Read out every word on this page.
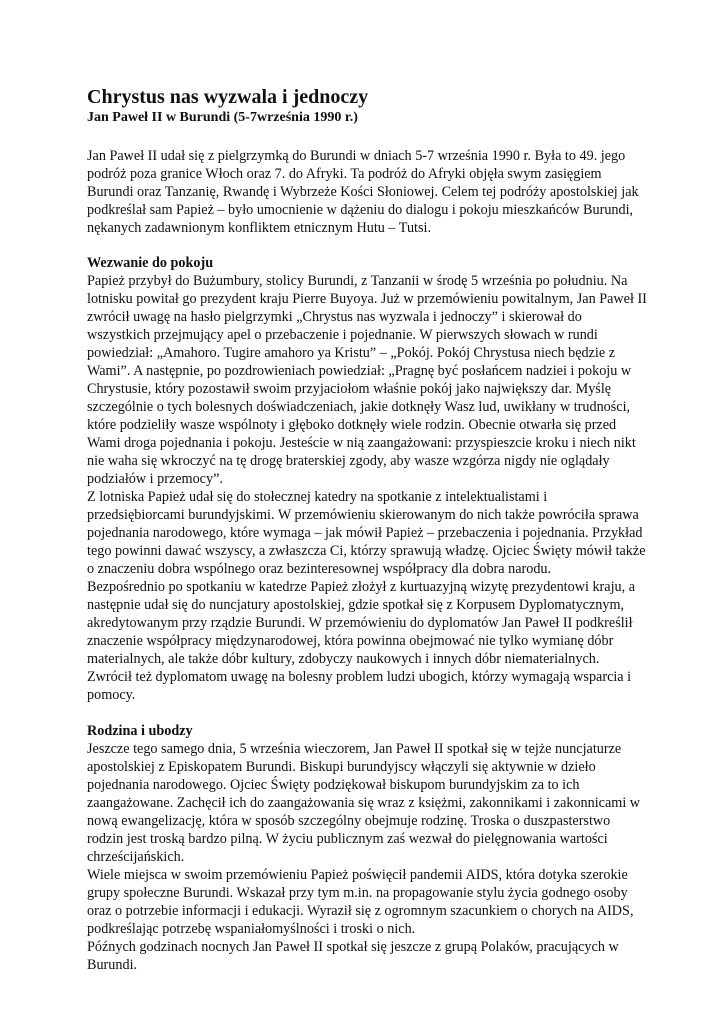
Chrystus nas wyzwala i jednoczy
Jan Paweł II w Burundi (5-7września 1990 r.)

Jan Paweł II udał się z pielgrzymką do Burundi w dniach 5-7 września 1990 r. Była to 49. jego podróż poza granice Włoch oraz 7. do Afryki. Ta podróż do Afryki objęła swym zasięgiem Burundi oraz Tanzanię, Rwandę i Wybrzeże Kości Słoniowej. Celem tej podróży apostolskiej jak podkreślał sam Papież – było umocnienie w dążeniu do dialogu i pokoju mieszkańców Burundi, nękanych zadawnionym konfliktem etnicznym Hutu – Tutsi.

Wezwanie do pokoju

Papież przybył do Bużumbury, stolicy Burundi, z Tanzanii w środę 5 września po południu. Na lotnisku powitał go prezydent kraju Pierre Buyoya. Już w przemówieniu powitalnym, Jan Paweł II zwrócił uwagę na hasło pielgrzymki „Chrystus nas wyzwala i jednoczy” i skierował do wszystkich przejmujący apel o przebaczenie i pojednanie. W pierwszych słowach w rundi powiedział: „Amahoro. Tugire amahoro ya Kristu” – „Pokój. Pokój Chrystusa niech będzie z Wami”. A następnie, po pozdrowieniach powiedział: „Pragnę być posłańcem nadziei i pokoju w Chrystusie, który pozostawił swoim przyjaciołom właśnie pokój jako największy dar. Myślę szczególnie o tych bolesnych doświadczeniach, jakie dotknęły Wasz lud, uwikłany w trudności, które podzieliły wasze wspólnoty i głęboko dotknęły wiele rodzin. Obecnie otwarła się przed Wami droga pojednania i pokoju. Jesteście w nią zaangażowani: przyspieszcie kroku i niech nikt nie waha się wkroczyć na tę drogę braterskiej zgody, aby wasze wzgórza nigdy nie oglądały podziałów i przemocy”.

Z lotniska Papież udał się do stołecznej katedry na spotkanie z intelektualistami i przedsiębiorcami burundyjskimi. W przemówieniu skierowanym do nich także powróciła sprawa pojednania narodowego, które wymaga – jak mówił Papież – przebaczenia i pojednania. Przykład tego powinni dawać wszyscy, a zwłaszcza Ci, którzy sprawują władzę. Ojciec Święty mówił także o znaczeniu dobra wspólnego oraz bezinteresownej współpracy dla dobra narodu.

Bezpośrednio po spotkaniu w katedrze Papież złożył z kurtuazyjną wizytę prezydentowi kraju, a następnie udał się do nuncjatury apostolskiej, gdzie spotkał się z Korpusem Dyplomatycznym, akredytowanym przy rządzie Burundi. W przemówieniu do dyplomatów Jan Paweł II podkreślił znaczenie współpracy międzynarodowej, która powinna obejmować nie tylko wymianę dóbr materialnych, ale także dóbr kultury, zdobyczy naukowych i innych dóbr niematerialnych. Zwrócił też dyplomatom uwagę na bolesny problem ludzi ubogich, którzy wymagają wsparcia i pomocy.

Rodzina i ubodzy

Jeszcze tego samego dnia, 5 września wieczorem, Jan Paweł II spotkał się w tejże nuncjaturze apostolskiej z Episkopatem Burundi. Biskupi burundyjscy włączyli się aktywnie w dzieło pojednania narodowego. Ojciec Święty podziękował biskupom burundyjskim za to ich zaangażowane. Zachęcił ich do zaangażowania się wraz z księżmi, zakonnikami i zakonnicami w nową ewangelizację, która w sposób szczególny obejmuje rodzinę. Troska o duszpasterstwo rodzin jest troską bardzo pilną. W życiu publicznym zaś wezwał do pielęgnowania wartości chrześcijańskich.

Wiele miejsca w swoim przemówieniu Papież poświęcił pandemii AIDS, która dotyka szerokie grupy społeczne Burundi. Wskazał przy tym m.in. na propagowanie stylu życia godnego osoby oraz o potrzebie informacji i edukacji. Wyraził się z ogromnym szacunkiem o chorych na AIDS, podkreślając potrzebę wspaniałomyślności i troski o nich.

Późnych godzinach nocnych Jan Paweł II spotkał się jeszcze z grupą Polaków, pracujących w Burundi.
